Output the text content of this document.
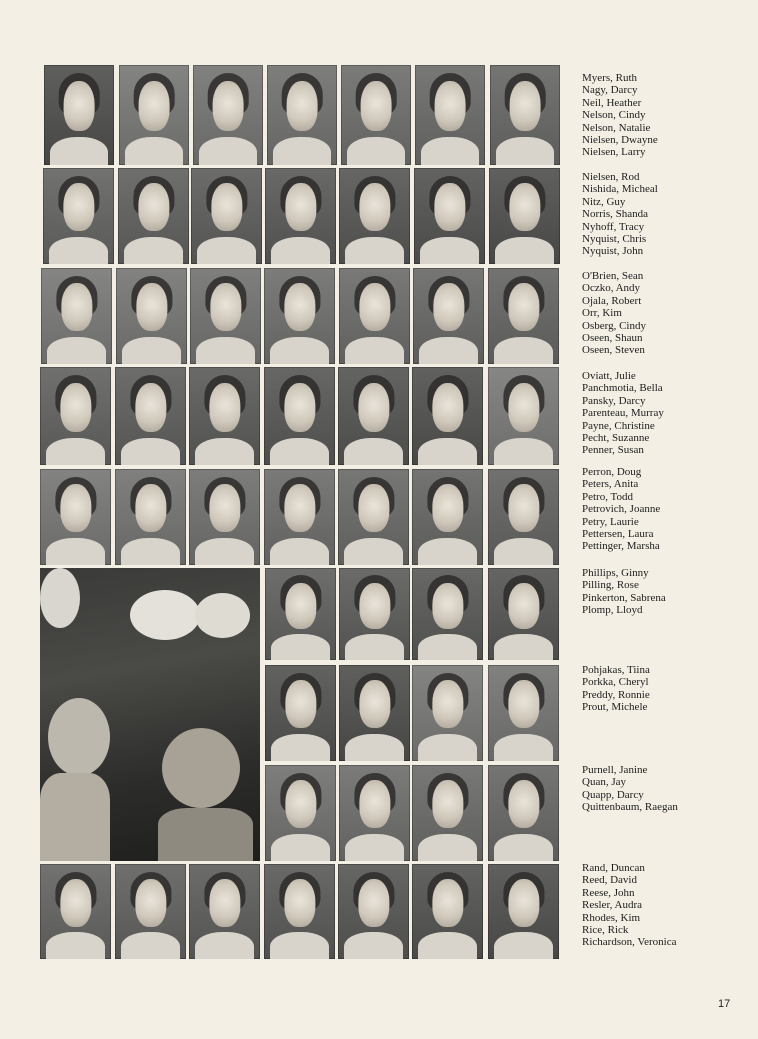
Myers, Ruth
Nagy, Darcy
Neil, Heather
Nelson, Cindy
Nelson, Natalie
Nielsen, Dwayne
Nielsen, Larry
Nielsen, Rod
Nishida, Micheal
Nitz, Guy
Norris, Shanda
Nyhoff, Tracy
Nyquist, Chris
Nyquist, John
O'Brien, Sean
Oczko, Andy
Ojala, Robert
Orr, Kim
Osberg, Cindy
Oseen, Shaun
Oseen, Steven
Oviatt, Julie
Panchmotia, Bella
Pansky, Darcy
Parenteau, Murray
Payne, Christine
Pecht, Suzanne
Penner, Susan
Perron, Doug
Peters, Anita
Petro, Todd
Petrovich, Joanne
Petry, Laurie
Pettersen, Laura
Pettinger, Marsha
Phillips, Ginny
Pilling, Rose
Pinkerton, Sabrena
Plomp, Lloyd
Pohjakas, Tiina
Porkka, Cheryl
Preddy, Ronnie
Prout, Michele
Purnell, Janine
Quan, Jay
Quapp, Darcy
Quittenbaum, Raegan
Rand, Duncan
Reed, David
Reese, John
Resler, Audra
Rhodes, Kim
Rice, Rick
Richardson, Veronica
17
